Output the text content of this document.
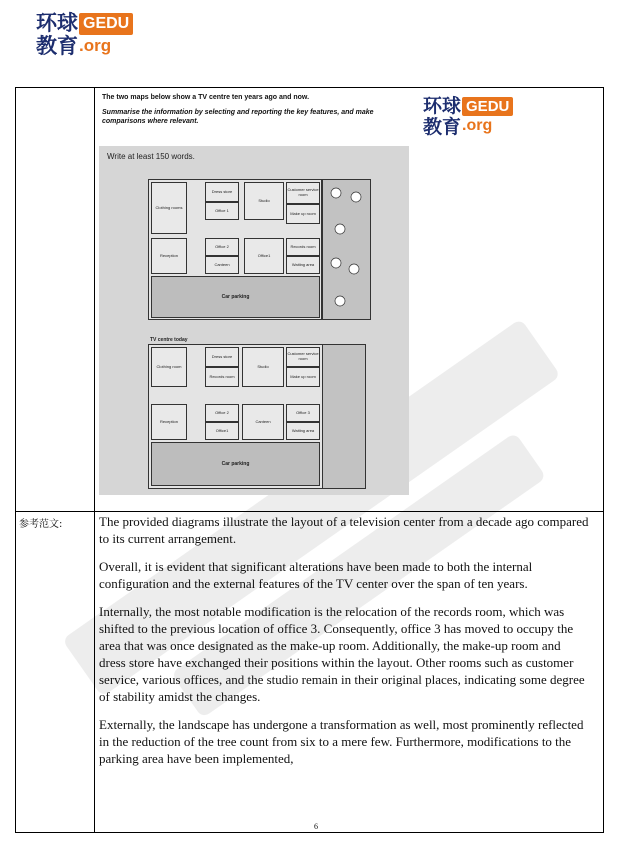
环球
教育
GEDU
.org

The two maps below show a TV centre ten years ago and now.

Summarise the information by selecting and reporting the key features, and make comparisons where relevant.

环球
教育
GEDU
.org
Write at least 150 words.
Clothing rooms
Dress store
Office 1
Studio
Customer service room
Make up room
Reception
Office 2
Canteen
Office1
Records room
Waiting area
Car parking
TV centre today
Clothing room
Dress store
Records room
Studio
Customer service room
Make up room
Reception
Office 2
Office1
Canteen
Office 3
Waiting area
Car parking
参考范文:	The provided diagrams illustrate the layout of a television center from a decade ago compared to its current arrangement.

Overall, it is evident that significant alterations have been made to both the internal configuration and the external features of the TV center over the span of ten years.

Internally, the most notable modification is the relocation of the records room, which was shifted to the previous location of office 3. Consequently, office 3 has moved to occupy the area that was once designated as the make-up room. Additionally, the make-up room and dress store have exchanged their positions within the layout. Other rooms such as customer service, various offices, and the studio remain in their original places, indicating some degree of stability amidst the changes.

Externally, the landscape has undergone a transformation as well, most prominently reflected in the reduction of the tree count from six to a mere few. Furthermore, modifications to the parking area have been implemented,

6
